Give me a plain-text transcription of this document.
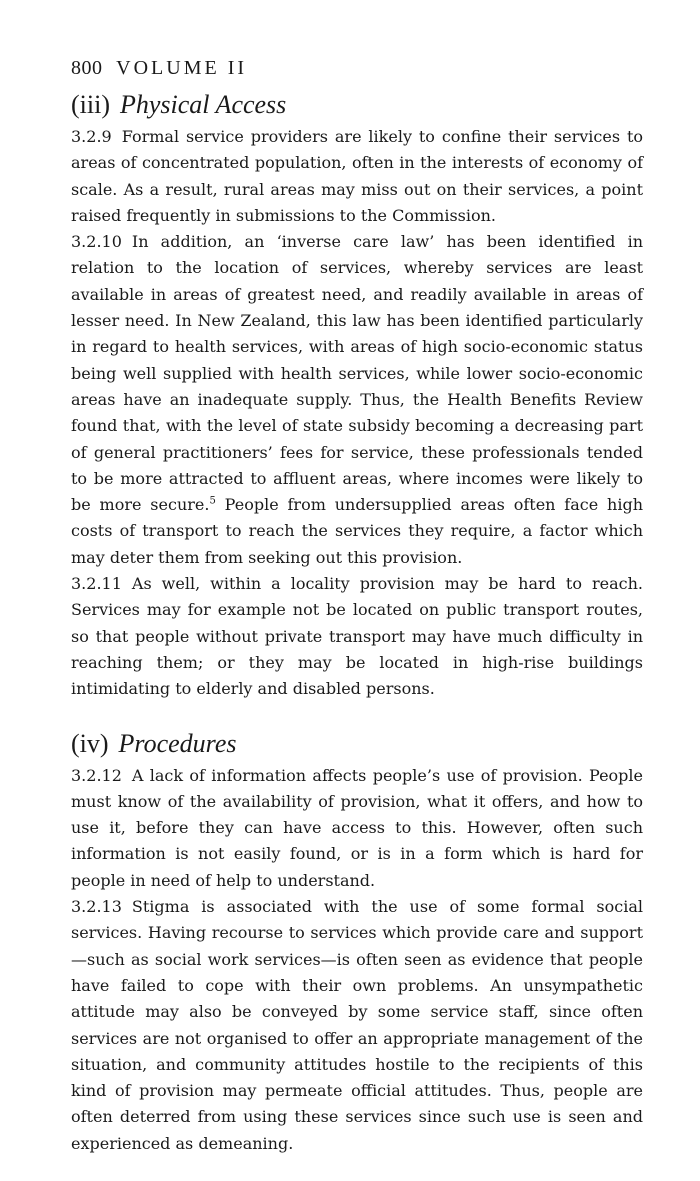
800 VOLUME II
(iii) Physical Access

3.2.9 Formal service providers are likely to confine their services to areas of concentrated population, often in the interests of economy of scale. As a result, rural areas may miss out on their services, a point raised frequently in submissions to the Commission.

3.2.10 In addition, an ‘inverse care law’ has been identified in relation to the location of services, whereby services are least available in areas of greatest need, and readily available in areas of lesser need. In New Zealand, this law has been identified particularly in regard to health services, with areas of high socio-economic status being well supplied with health services, while lower socio-economic areas have an inadequate supply. Thus, the Health Benefits Review found that, with the level of state subsidy becoming a decreasing part of general practitioners’ fees for service, these professionals tended to be more attracted to affluent areas, where incomes were likely to be more secure.$^5$ People from undersupplied areas often face high costs of transport to reach the services they require, a factor which may deter them from seeking out this provision.

3.2.11 As well, within a locality provision may be hard to reach. Services may for example not be located on public transport routes, so that people without private transport may have much difficulty in reaching them; or they may be located in high-rise buildings intimidating to elderly and disabled persons.

(iv) Procedures

3.2.12 A lack of information affects people’s use of provision. People must know of the availability of provision, what it offers, and how to use it, before they can have access to this. However, often such information is not easily found, or is in a form which is hard for people in need of help to understand.

3.2.13 Stigma is associated with the use of some formal social services. Having recourse to services which provide care and support—such as social work services—is often seen as evidence that people have failed to cope with their own problems. An unsympathetic attitude may also be conveyed by some service staff, since often services are not organised to offer an appropriate management of the situation, and community attitudes hostile to the recipients of this kind of provision may permeate official attitudes. Thus, people are often deterred from using these services since such use is seen and experienced as demeaning.
